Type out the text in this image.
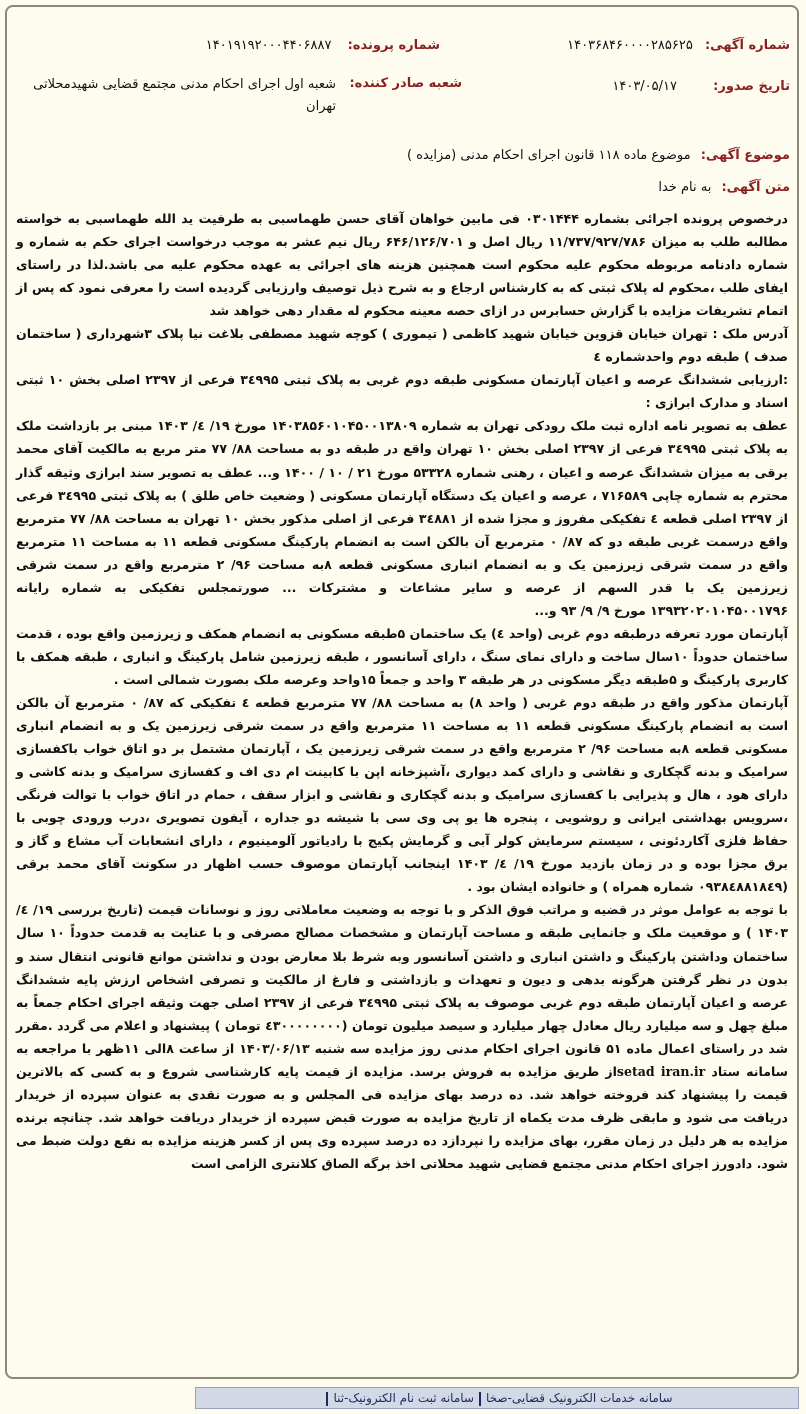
شماره آگهی: ۱۴۰۳۶۸۴۶۰۰۰۰۲۸۵۶۲۵
شماره پرونده: ۱۴۰۱۹۱۹۲۰۰۰۴۴۰۶۸۸۷
تاریخ صدور: ۱۴۰۳/۰۵/۱۷
شعبه صادر کننده:
شعبه اول اجرای احکام مدنی مجتمع قضایی شهیدمحلاتی
تهران
موضوع آگهی: موضوع ماده ۱۱۸ قانون اجرای احکام مدنی (مزایده )
متن آگهی: به نام خدا

درخصوص پرونده اجرائی بشماره ۰۳۰۱۴۴۴ فی مابین خواهان آقای حسن طهماسبی به طرفیت ید الله طهماسبی به خواسته مطالبه طلب به میزان ۱۱/۷۳۷/۹۲۷/۷۸۶ ریال اصل و ۶۴۶/۱۲۶/۷۰۱ ریال نیم عشر به موجب درخواست اجرای حکم به شماره و شماره دادنامه مربوطه محکوم علیه محکوم است همچنین هزینه های اجرائی به عهده محکوم علیه می باشد.لذا در راستای ایفای طلب ،محکوم له پلاک ثبتی که به کارشناس ارجاع و به شرح ذیل توصیف وارزیابی گردیده است را معرفی نمود که پس از اتمام تشریفات مزایده با گزارش حسابرس در ازای حصه معینه محکوم له مقدار دهی خواهد شد

آدرس ملک : تهران خیابان قزوین خیابان شهید کاظمی ( تیموری ) کوچه شهید مصطفی بلاغت نیا پلاک ۳شهرداری ( ساختمان صدف ) طبقه دوم واحدشماره ٤

:ارزیابی ششدانگ عرصه و اعیان آپارتمان مسکونی طبقه دوم غربی به پلاک ثبتی ۳٤۹۹۵ فرعی از ۲۳۹۷ اصلی بخش ۱۰ ثبتی اسناد و مدارک ابرازی :

عطف به تصویر نامه اداره ثبت ملک رودکی تهران به شماره ۱۴۰۳۸۵۶۰۱۰۴۵۰۰۱۳۸۰۹ مورخ ۱۹/ ٤/ ۱۴۰۳ مبنی بر بازداشت ملک به پلاک ثبتی ۳٤۹۹۵ فرعی از ۲۳۹۷ اصلی بخش ۱۰ تهران واقع در طبقه دو به مساحت ۸۸/ ۷۷ متر مربع به مالکیت آقای محمد برقی به میزان ششدانگ عرصه و اعیان ، رهنی شماره ۵۳۳۲۸ مورخ ۲۱ / ۱۰ / ۱۴۰۰ و... عطف به تصویر سند ابرازی وثیقه گذار محترم به شماره چاپی ۷۱۶۵۸۹ ، عرصه و اعیان یک دستگاه آپارتمان مسکونی ( وضعیت خاص طلق ) به پلاک ثبتی ۳٤۹۹۵ فرعی از ۲۳۹۷ اصلی قطعه ٤ تفکیکی مفروز و مجزا شده از ۳٤۸۸۱ فرعی از اصلی مذکور بخش ۱۰ تهران به مساحت ۸۸/ ۷۷ مترمربع واقع درسمت غربی طبقه دو که ۸۷/ ۰ مترمربع آن بالکن است به انضمام پارکینگ مسکونی قطعه ۱۱ به مساحت ۱۱ مترمربع واقع در سمت شرقی زیرزمین یک و به انضمام انباری مسکونی قطعه ۸به مساحت ۹۶/ ۲ مترمربع واقع در سمت شرقی زیرزمین یک با قدر السهم از عرصه و سایر مشاعات و مشترکات ... صورتمجلس تفکیکی به شماره رایانه ۱۳۹۳۲۰۲۰۱۰۴۵۰۰۱۷۹۶ مورخ ۹/ ۹/ ۹۳ و...

آپارتمان مورد تعرفه درطبقه دوم غربی (واحد ٤) یک ساختمان ۵طبقه مسکونی به انضمام همکف و زیرزمین واقع بوده ، قدمت ساختمان حدوداً ۱۰سال ساخت و دارای نمای سنگ ، دارای آسانسور ، طبقه زیرزمین شامل پارکینگ و انباری ، طبقه همکف با کاربری پارکینگ و ۵طبقه دیگر مسکونی در هر طبقه ۳ واحد و جمعاً ۱۵واحد وعرصه ملک بصورت شمالی است .

آپارتمان مذکور واقع در طبقه دوم غربی ( واحد ۸) به مساحت ۸۸/ ۷۷ مترمربع قطعه ٤ تفکیکی که ۸۷/ ۰ مترمربع آن بالکن است به انضمام پارکینگ مسکونی قطعه ۱۱ به مساحت ۱۱ مترمربع واقع در سمت شرقی زیرزمین یک و به انضمام انباری مسکونی قطعه ۸به مساحت ۹۶/ ۲ مترمربع واقع در سمت شرقی زیرزمین یک ، آپارتمان مشتمل بر دو اتاق خواب باکفسازی سرامیک و بدنه گچکاری و نقاشی و دارای کمد دیواری ،آشپزخانه اپن با کابینت ام دی اف و کفسازی سرامیک و بدنه کاشی و دارای هود ، هال و پذیرایی با کفسازی سرامیک و بدنه گچکاری و نقاشی و ابزار سقف ، حمام در اتاق خواب با توالت فرنگی ،سرویس بهداشتی ایرانی و روشویی ، پنجره ها یو پی وی سی با شیشه دو جداره ، آیفون تصویری ،درب ورودی چوبی با حفاظ فلزی آکاردئونی ، سیستم سرمایش کولر آبی و گرمایش پکیج با رادیاتور آلومینیوم ، دارای انشعابات آب مشاع و گاز و برق مجزا بوده و در زمان بازدید مورخ ۱۹/ ٤/ ۱۴۰۳ اینجانب آپارتمان موصوف حسب اظهار در سکونت آقای محمد برقی (۰۹۳۸٤۸۸۱۸٤۹ شماره همراه ) و خانواده ایشان بود .

با توجه به عوامل موثر در قضیه و مراتب فوق الذکر و با توجه به وضعیت معاملاتی روز و نوسانات قیمت (تاریخ بررسی ۱۹/ ٤/ ۱۴۰۳ ) و موقعیت ملک و جانمایی طبقه و مساحت آپارتمان و مشخصات مصالح مصرفی و با عنایت به قدمت حدوداً ۱۰ سال ساختمان وداشتن پارکینگ و داشتن انباری و داشتن آسانسور وبه شرط بلا معارض بودن و نداشتن موانع قانونی انتقال سند و بدون در نظر گرفتن هرگونه بدهی و دیون و تعهدات و بازداشتی و فارغ از مالکیت و تصرفی اشخاص ارزش پایه ششدانگ عرصه و اعیان آپارتمان طبقه دوم غربی موصوف به پلاک ثبتی ۳٤۹۹۵ فرعی از ۲۳۹۷ اصلی جهت وثیقه اجرای احکام جمعاً به مبلغ چهل و سه میلیارد ریال معادل چهار میلیارد و سیصد میلیون تومان (٤۳۰۰۰۰۰۰۰۰ تومان ) پیشنهاد و اعلام می گردد .مقرر شد در راستای اعمال ماده ۵۱ قانون اجرای احکام مدنی روز مزایده سه شنبه ۱۴۰۳/۰۶/۱۳ از ساعت ۸الی ۱۱ظهر با مراجعه به سامانه ستاد setad iran.irاز طریق مزایده به فروش برسد. مزایده از قیمت پایه کارشناسی شروع و به کسی که بالاترین قیمت را پیشنهاد کند فروخته خواهد شد. ده درصد بهای مزایده فی المجلس و به صورت نقدی به عنوان سپرده از خریدار دریافت می شود و مابقی ظرف مدت یکماه از تاریخ مزایده به صورت قبض سپرده از خریدار دریافت خواهد شد. چنانچه برنده مزایده به هر دلیل در زمان مقرر، بهای مزایده را نپردازد ده درصد سپرده وی پس از کسر هزینه مزایده به نفع دولت ضبط می شود. دادورز اجرای احکام مدنی مجتمع قضایی شهید محلاتی اخذ برگه الصاق کلانتری الزامی است

سامانه خدمات الکترونیک قضایی-صخاسامانه ثبت نام الکترونیک-ثنا
